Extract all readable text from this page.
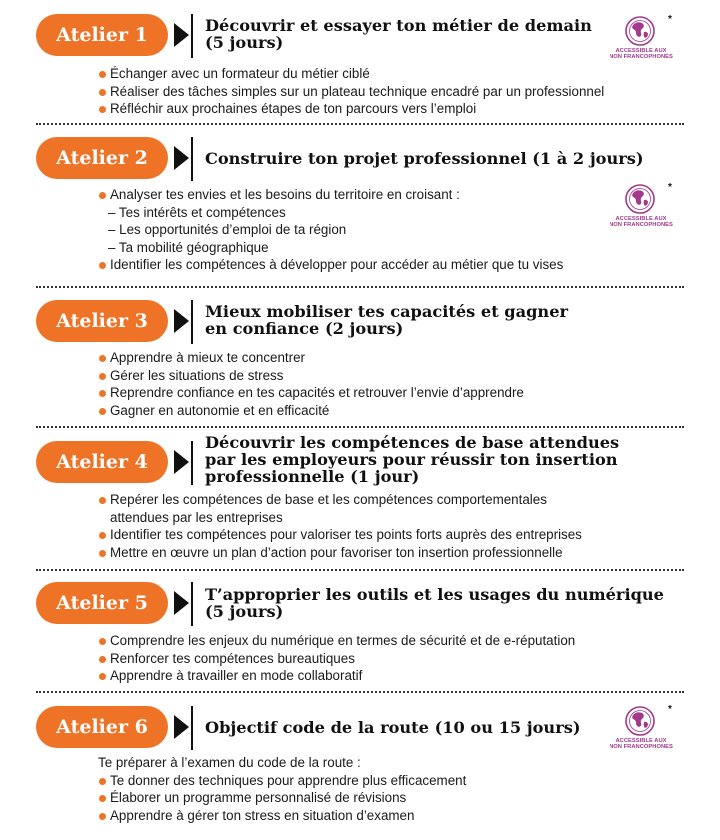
Atelier 1	Découvrir et essayer ton métier de demain
(5 jours)	ACCESSIBLE AUX
NON FRANCOPHONES
*
Échanger avec un formateur du métier ciblé
Réaliser des tâches simples sur un plateau technique encadré par un professionnel
Réfléchir aux prochaines étapes de ton parcours vers l’emploi
Atelier 2	Construire ton projet professionnel (1 à 2 jours)
ACCESSIBLE AUX
NON FRANCOPHONES
*
Analyser tes envies et les besoins du territoire en croisant :
– Tes intérêts et compétences
– Les opportunités d’emploi de ta région
– Ta mobilité géographique
Identifier les compétences à développer pour accéder au métier que tu vises
Atelier 3	Mieux mobiliser tes capacités et gagner
en confiance (2 jours)
Apprendre à mieux te concentrer
Gérer les situations de stress
Reprendre confiance en tes capacités et retrouver l’envie d’apprendre
Gagner en autonomie et en efficacité
Atelier 4
Découvrir les compétences de base attendues
par les employeurs pour réussir ton insertion
professionnelle (1 jour)
Repérer les compétences de base et les compétences comportementales
attendues par les entreprises
Identifier tes compétences pour valoriser tes points forts auprès des entreprises
Mettre en œuvre un plan d’action pour favoriser ton insertion professionnelle
Atelier 5	T’approprier les outils et les usages du numérique
(5 jours)
Comprendre les enjeux du numérique en termes de sécurité et de e-réputation
Renforcer tes compétences bureautiques
Apprendre à travailler en mode collaboratif
Atelier 6	Objectif code de la route (10 ou 15 jours)
ACCESSIBLE AUX
NON FRANCOPHONES
*
Te préparer à l’examen du code de la route :
Te donner des techniques pour apprendre plus efficacement
Élaborer un programme personnalisé de révisions
Apprendre à gérer ton stress en situation d’examen
